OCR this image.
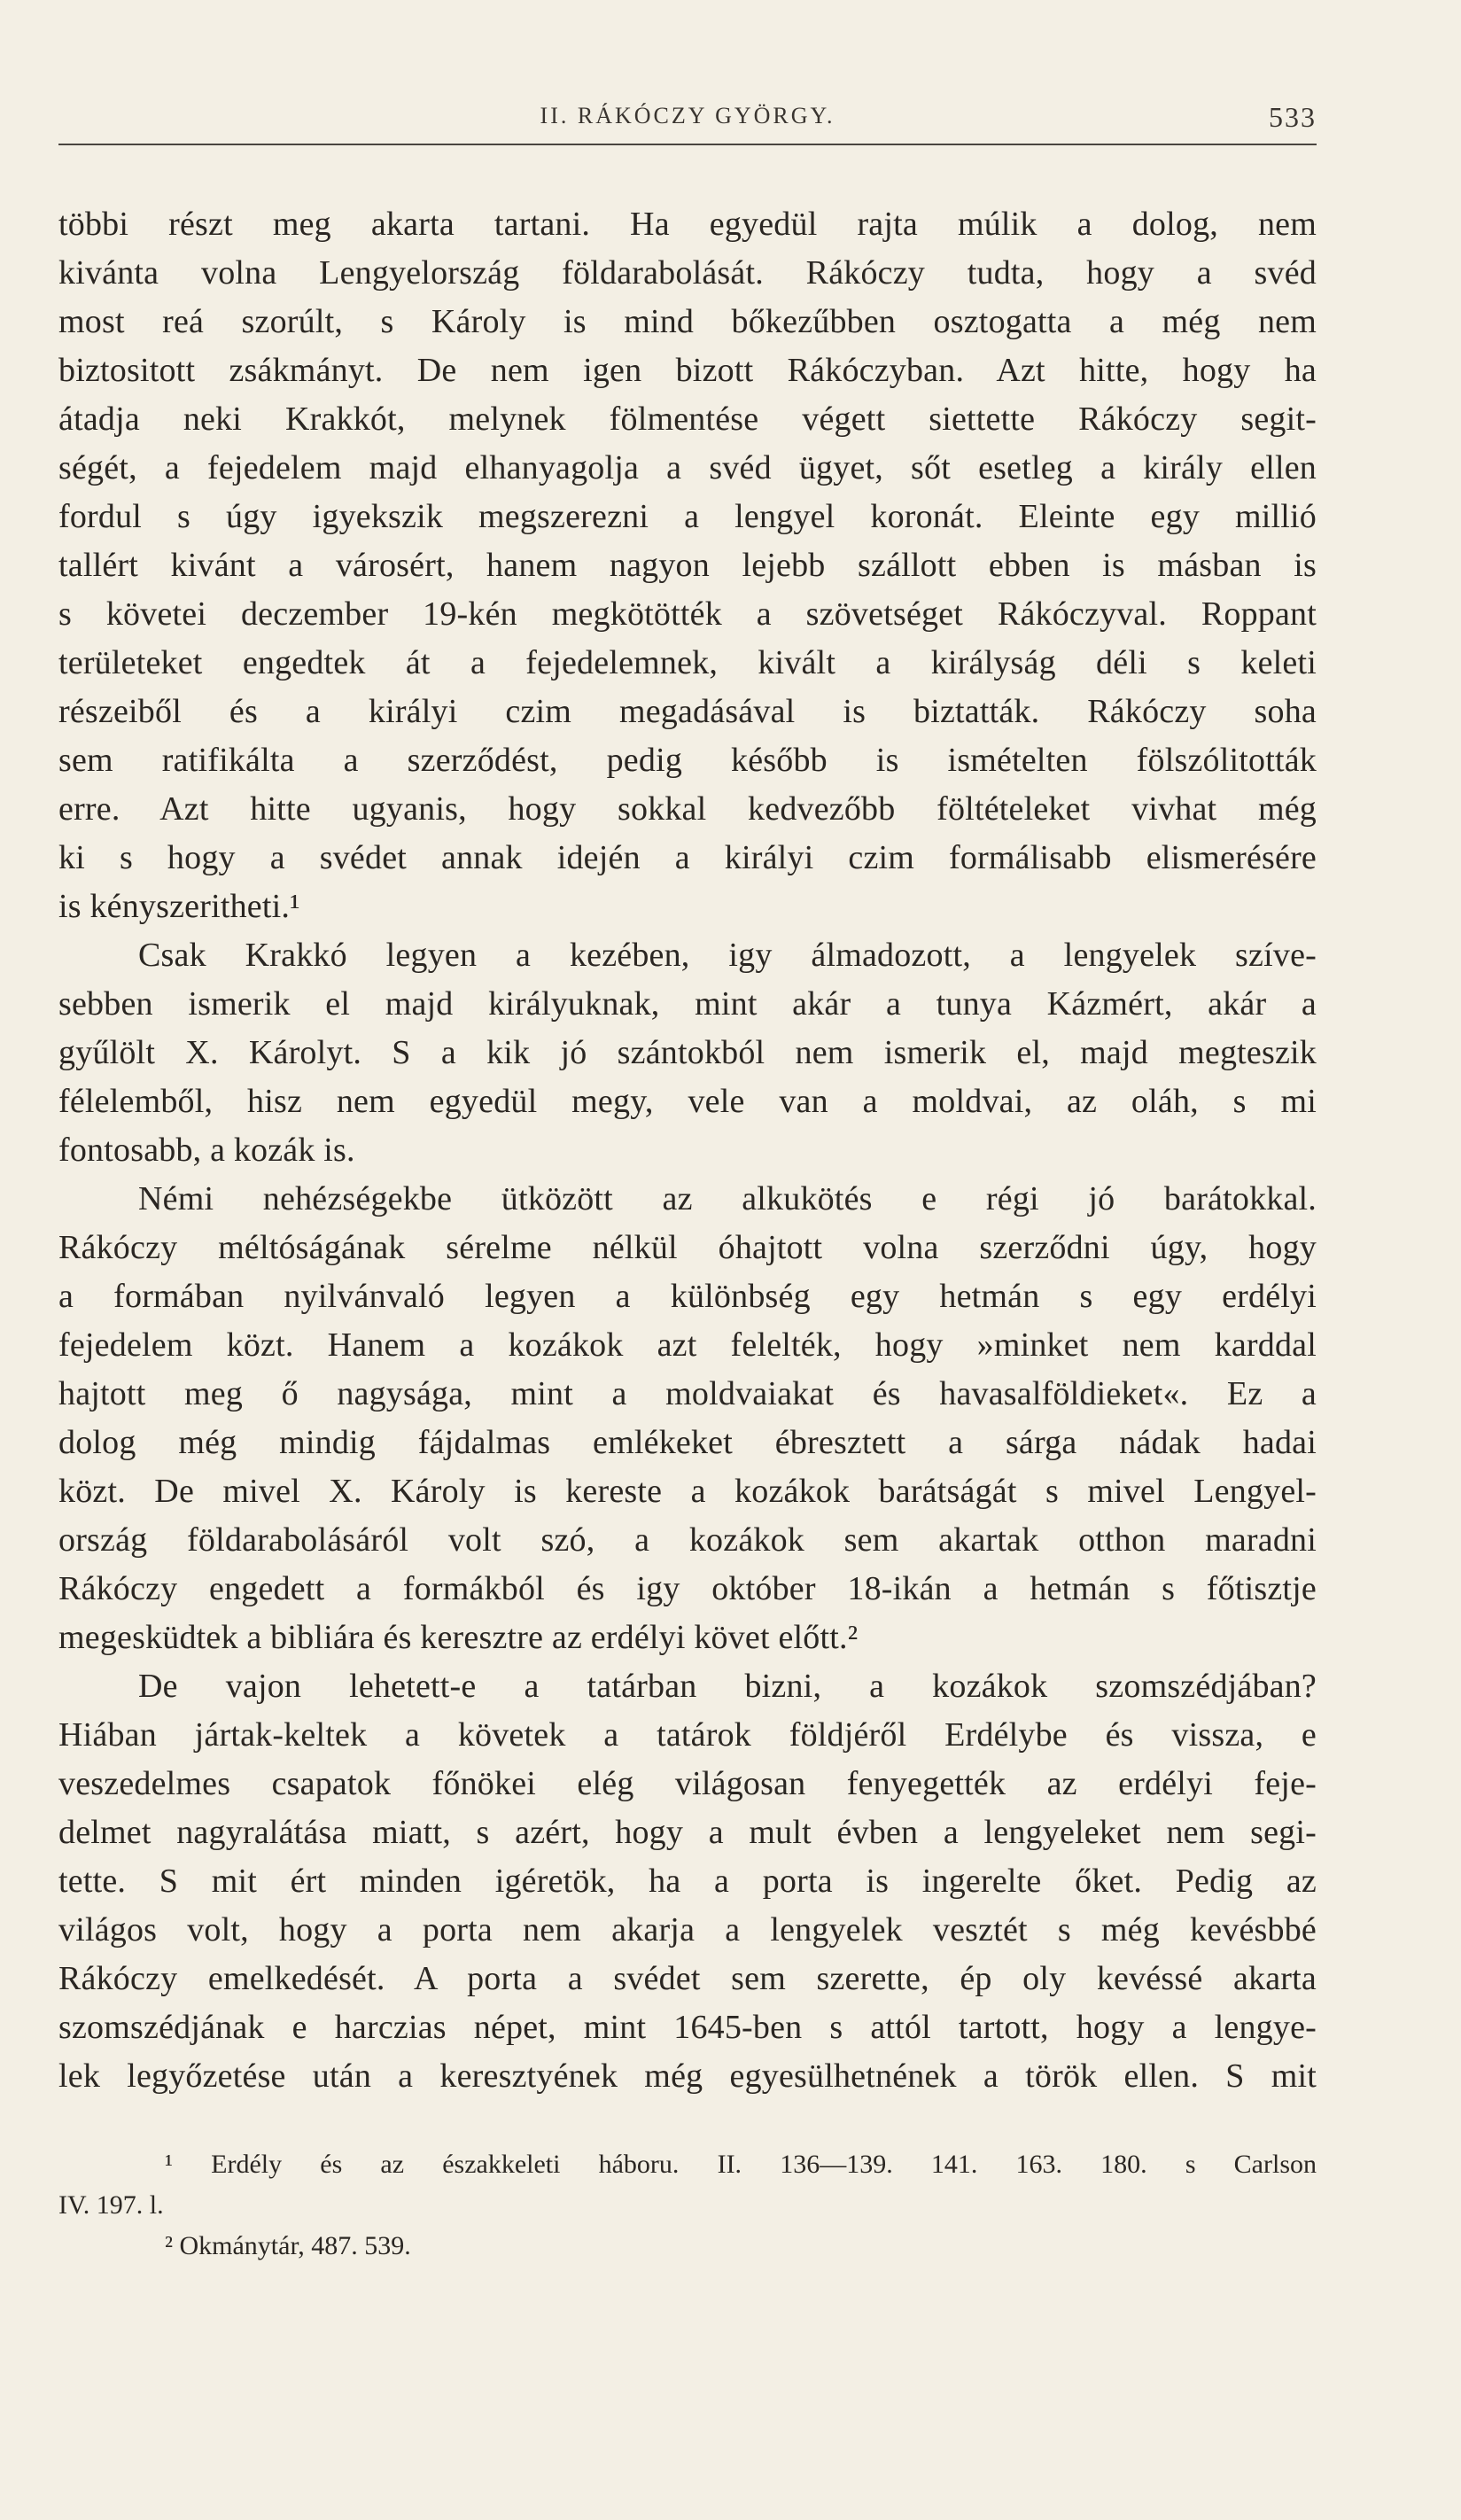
II. RÁKÓCZY GYÖRGY.	533
többi részt meg akarta tartani. Ha egyedül rajta múlik a dolog, nem
kivánta volna Lengyelország földarabolását. Rákóczy tudta, hogy a svéd
most reá szorúlt, s Károly is mind bőkezűbben osztogatta a még nem
biztositott zsákmányt. De nem igen bizott Rákóczyban. Azt hitte, hogy ha
átadja neki Krakkót, melynek fölmentése végett siettette Rákóczy segit-
ségét, a fejedelem majd elhanyagolja a svéd ügyet, sőt esetleg a király ellen
fordul s úgy igyekszik megszerezni a lengyel koronát. Eleinte egy millió
tallért kivánt a városért, hanem nagyon lejebb szállott ebben is másban is
s követei deczember 19-kén megkötötték a szövetséget Rákóczyval. Roppant
területeket engedtek át a fejedelemnek, kivált a királyság déli s keleti
részeiből és a királyi czim megadásával is biztatták. Rákóczy soha
sem ratifikálta a szerződést, pedig később is ismételten fölszólitották
erre. Azt hitte ugyanis, hogy sokkal kedvezőbb föltételeket vivhat még
ki s hogy a svédet annak idején a királyi czim formálisabb elismerésére
is kényszeritheti.¹
Csak Krakkó legyen a kezében, igy álmadozott, a lengyelek szíve-
sebben ismerik el majd királyuknak, mint akár a tunya Kázmért, akár a
gyűlölt X. Károlyt. S a kik jó szántokból nem ismerik el, majd megteszik
félelemből, hisz nem egyedül megy, vele van a moldvai, az oláh, s mi
fontosabb, a kozák is.
Némi nehézségekbe ütközött az alkukötés e régi jó barátokkal.
Rákóczy méltóságának sérelme nélkül óhajtott volna szerződni úgy, hogy
a formában nyilvánvaló legyen a különbség egy hetmán s egy erdélyi
fejedelem közt. Hanem a kozákok azt felelték, hogy »minket nem karddal
hajtott meg ő nagysága, mint a moldvaiakat és havasalföldieket«. Ez a
dolog még mindig fájdalmas emlékeket ébresztett a sárga nádak hadai
közt. De mivel X. Károly is kereste a kozákok barátságát s mivel Lengyel-
ország földarabolásáról volt szó, a kozákok sem akartak otthon maradni
Rákóczy engedett a formákból és igy október 18-ikán a hetmán s főtisztje
megesküdtek a bibliára és keresztre az erdélyi követ előtt.²
De vajon lehetett-e a tatárban bizni, a kozákok szomszédjában?
Hiában jártak-keltek a követek a tatárok földjéről Erdélybe és vissza, e
veszedelmes csapatok főnökei elég világosan fenyegették az erdélyi feje-
delmet nagyralátása miatt, s azért, hogy a mult évben a lengyeleket nem segi-
tette. S mit ért minden igéretök, ha a porta is ingerelte őket. Pedig az
világos volt, hogy a porta nem akarja a lengyelek vesztét s még kevésbbé
Rákóczy emelkedését. A porta a svédet sem szerette, ép oly kevéssé akarta
szomszédjának e harczias népet, mint 1645-ben s attól tartott, hogy a lengye-
lek legyőzetése után a keresztyének még egyesülhetnének a török ellen. S mit
¹ Erdély és az északkeleti háboru. II. 136—139. 141. 163. 180. s Carlson
IV. 197. l.
² Okmánytár, 487. 539.
